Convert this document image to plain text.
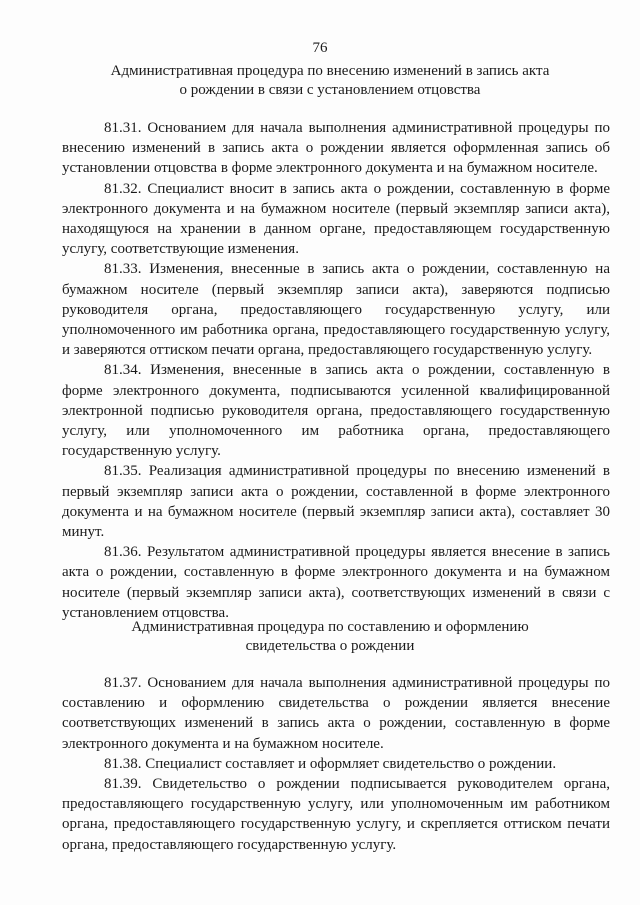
76
Административная процедура по внесению изменений в запись акта
о рождении в связи с установлением отцовства

81.31. Основанием для начала выполнения административной процедуры по внесению изменений в запись акта о рождении является оформленная запись об установлении отцовства в форме электронного документа и на бумажном носителе.

81.32. Специалист вносит в запись акта о рождении, составленную в форме электронного документа и на бумажном носителе (первый экземпляр записи акта), находящуюся на хранении в данном органе, предоставляющем государственную услугу, соответствующие изменения.

81.33. Изменения, внесенные в запись акта о рождении, составленную на бумажном носителе (первый экземпляр записи акта), заверяются подписью руководителя органа, предоставляющего государственную услугу, или уполномоченного им работника органа, предоставляющего государственную услугу, и заверяются оттиском печати органа, предоставляющего государственную услугу.

81.34. Изменения, внесенные в запись акта о рождении, составленную в форме электронного документа, подписываются усиленной квалифицированной электронной подписью руководителя органа, предоставляющего государственную услугу, или уполномоченного им работника органа, предоставляющего государственную услугу.

81.35. Реализация административной процедуры по внесению изменений в первый экземпляр записи акта о рождении, составленной в форме электронного документа и на бумажном носителе (первый экземпляр записи акта), составляет 30 минут.

81.36. Результатом административной процедуры является внесение в запись акта о рождении, составленную в форме электронного документа и на бумажном носителе (первый экземпляр записи акта), соответствующих изменений в связи с установлением отцовства.

Административная процедура по составлению и оформлению
свидетельства о рождении

81.37. Основанием для начала выполнения административной процедуры по составлению и оформлению свидетельства о рождении является внесение соответствующих изменений в запись акта о рождении, составленную в форме электронного документа и на бумажном носителе.

81.38. Специалист составляет и оформляет свидетельство о рождении.

81.39. Свидетельство о рождении подписывается руководителем органа, предоставляющего государственную услугу, или уполномоченным им работником органа, предоставляющего государственную услугу, и скрепляется оттиском печати органа, предоставляющего государственную услугу.
